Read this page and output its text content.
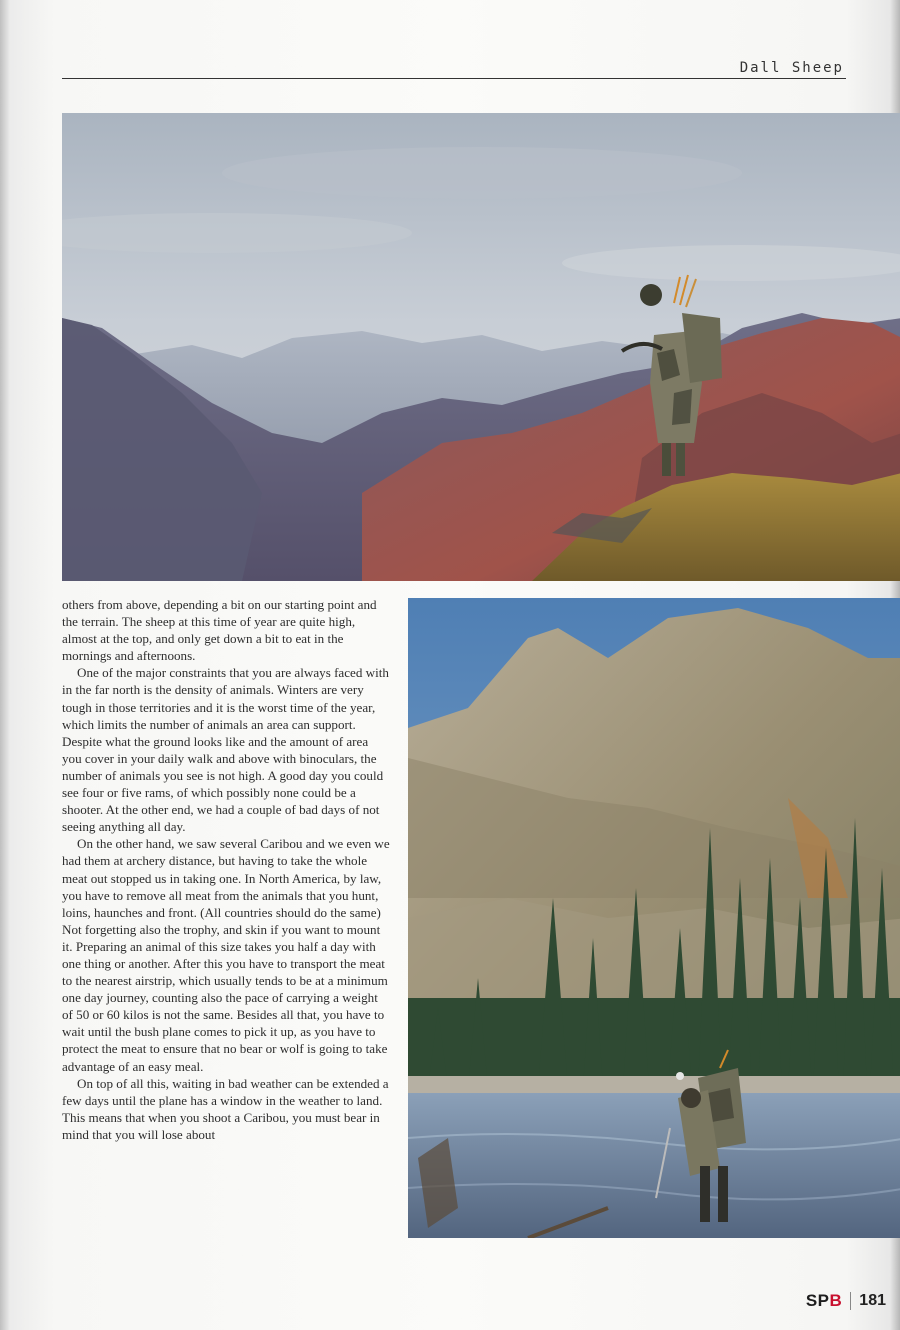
Dall Sheep

others from above, depending a bit on our starting point and the terrain. The sheep at this time of year are quite high, almost at the top, and only get down a bit to eat in the mornings and afternoons.

One of the major constraints that you are always faced with in the far north is the density of animals. Winters are very tough in those territories and it is the worst time of the year, which limits the number of animals an area can support. Despite what the ground looks like and the amount of area you cover in your daily walk and above with binoculars, the number of animals you see is not high. A good day you could see four or five rams, of which possibly none could be a shooter. At the other end, we had a couple of bad days of not seeing anything all day.

On the other hand, we saw several Caribou and we even we had them at archery distance, but having to take the whole meat out stopped us in taking one. In North America, by law, you have to remove all meat from the animals that you hunt, loins, haunches and front. (All countries should do the same) Not forgetting also the trophy, and skin if you want to mount it. Preparing an animal of this size takes you half a day with one thing or another. After this you have to transport the meat to the nearest airstrip, which usually tends to be at a minimum one day journey, counting also the pace of carrying a weight of 50 or 60 kilos is not the same. Besides all that, you have to wait until the bush plane comes to pick it up, as you have to protect the meat to ensure that no bear or wolf is going to take advantage of an easy meal.

On top of all this, waiting in bad weather can be extended a few days until the plane has a window in the weather to land. This means that when you shoot a Caribou, you must bear in mind that you will lose about

SPB 181
